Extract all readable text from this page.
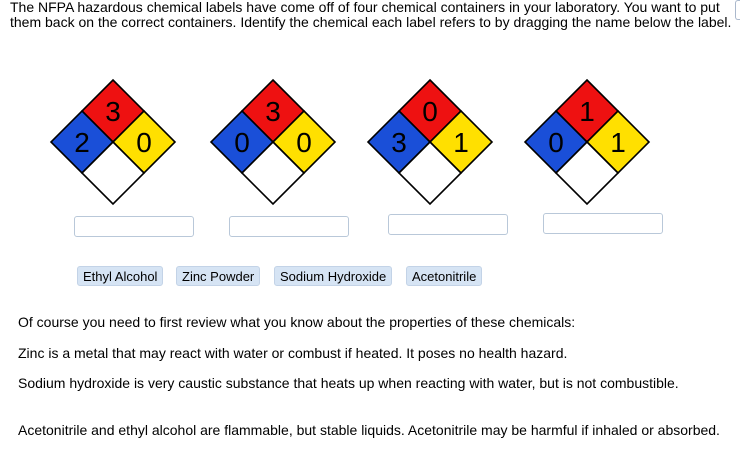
The NFPA hazardous chemical labels have come off of four chemical containers in your laboratory. You want to put them back on the correct containers. Identify the chemical each label refers to by dragging the name below the label.
3
2 0
3
0 0
0
3 1
1
0 1
Ethyl Alcohol	Zinc Powder	Sodium Hydroxide	Acetonitrile
Of course you need to first review what you know about the properties of these chemicals:
Zinc is a metal that may react with water or combust if heated. It poses no health hazard.
Sodium hydroxide is very caustic substance that heats up when reacting with water, but is not combustible.
Acetonitrile and ethyl alcohol are flammable, but stable liquids. Acetonitrile may be harmful if inhaled or absorbed.
